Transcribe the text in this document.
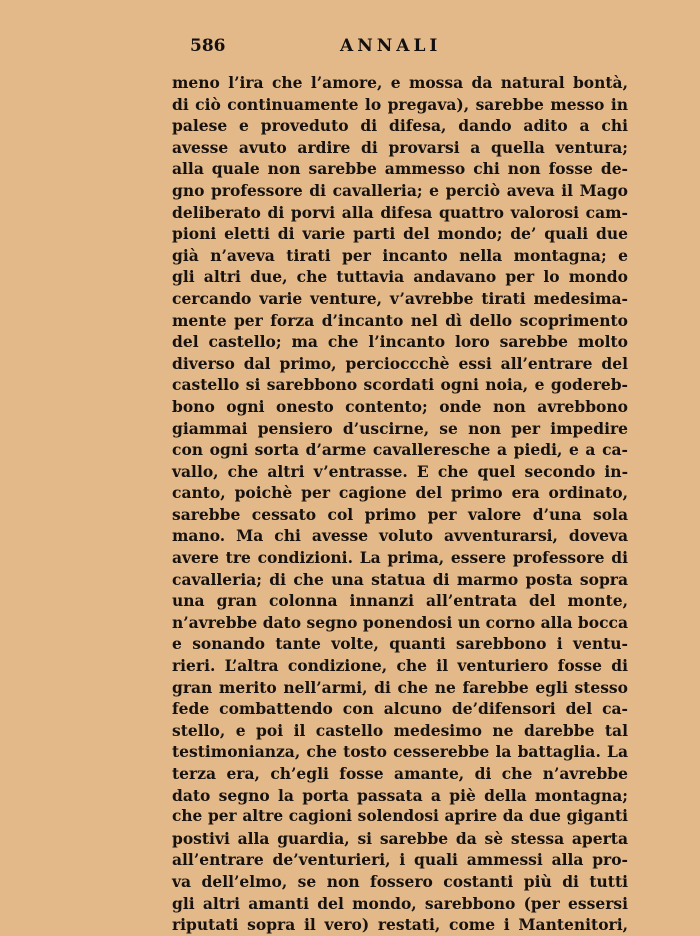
586	ANNALI
meno l’ira che l’amore, e mossa da natural bontà,
di ciò continuamente lo pregava), sarebbe messo in
palese e proveduto di difesa, dando adito a chi
avesse avuto ardire di provarsi a quella ventura;
alla quale non sarebbe ammesso chi non fosse de-
gno professore di cavalleria; e perciò aveva il Mago
deliberato di porvi alla difesa quattro valorosi cam-
pioni eletti di varie parti del mondo; de’ quali due
già n’aveva tirati per incanto nella montagna; e
gli altri due, che tuttavia andavano per lo mondo
cercando varie venture, v’avrebbe tirati medesima-
mente per forza d’incanto nel dì dello scoprimento
del castello; ma che l’incanto loro sarebbe molto
diverso dal primo, percioccchè essi all’entrare del
castello si sarebbono scordati ogni noia, e godereb-
bono ogni onesto contento; onde non avrebbono
giammai pensiero d’uscirne, se non per impedire
con ogni sorta d’arme cavalleresche a piedi, e a ca-
vallo, che altri v’entrasse. E che quel secondo in-
canto, poichè per cagione del primo era ordinato,
sarebbe cessato col primo per valore d’una sola
mano. Ma chi avesse voluto avventurarsi, doveva
avere tre condizioni. La prima, essere professore di
cavalleria; di che una statua di marmo posta sopra
una gran colonna innanzi all’entrata del monte,
n’avrebbe dato segno ponendosi un corno alla bocca
e sonando tante volte, quanti sarebbono i ventu-
rieri. L’altra condizione, che il venturiero fosse di
gran merito nell’armi, di che ne farebbe egli stesso
fede combattendo con alcuno de’difensori del ca-
stello, e poi il castello medesimo ne darebbe tal
testimonianza, che tosto cesserebbe la battaglia. La
terza era, ch’egli fosse amante, di che n’avrebbe
dato segno la porta passata a piè della montagna;
che per altre cagioni solendosi aprire da due giganti
postivi alla guardia, si sarebbe da sè stessa aperta
all’entrare de’venturieri, i quali ammessi alla pro-
va dell’elmo, se non fossero costanti più di tutti
gli altri amanti del mondo, sarebbono (per essersi
riputati sopra il vero) restati, come i Mantenitori,
